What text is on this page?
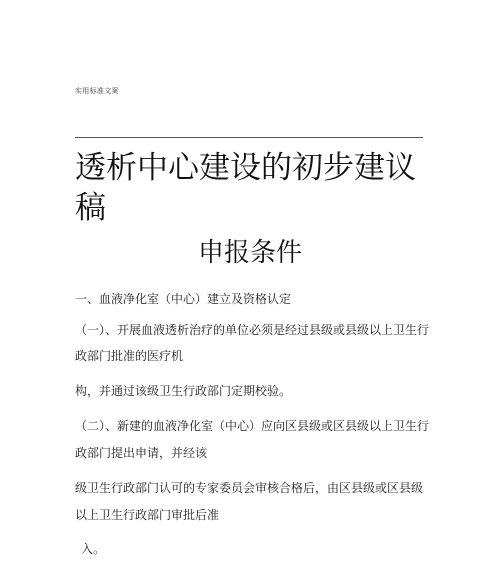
实用标准文案
透析中心建设的初步建议稿
申报条件

一、血液净化室（中心）建立及资格认定

（一）、开展血液透析治疗的单位必须是经过县级或县级以上卫生行

政部门批准的医疗机

构，并通过该级卫生行政部门定期校验。

（二）、新建的血液净化室（中心）应向区县级或区县级以上卫生行

政部门提出申请，并经该

级卫生行政部门认可的专家委员会审核合格后，由区县级或区县级

以上卫生行政部门审批后准

入。
